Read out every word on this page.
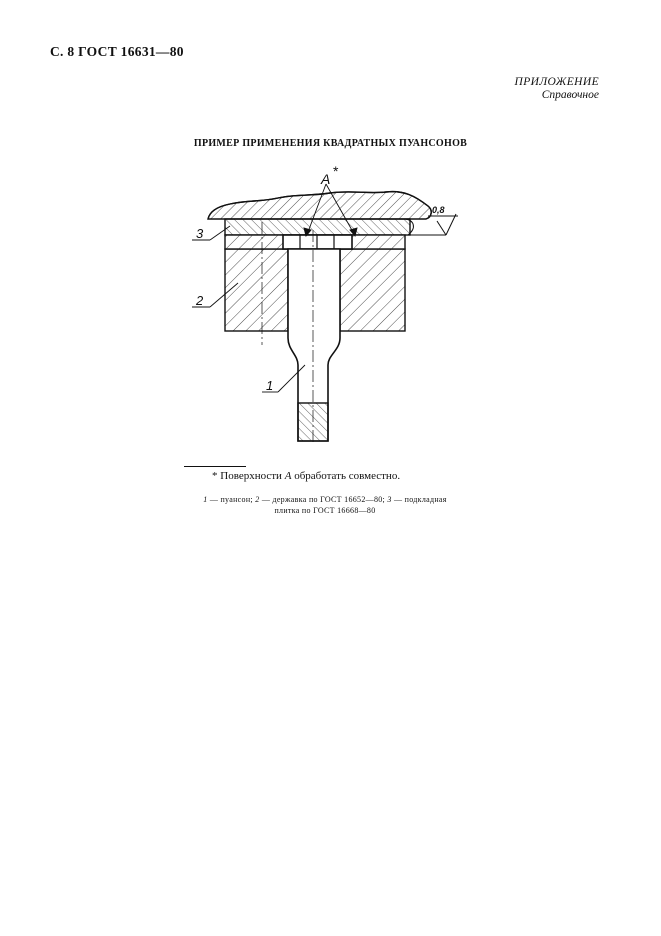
С. 8 ГОСТ 16631—80
ПРИЛОЖЕНИЕ
Справочное
ПРИМЕР ПРИМЕНЕНИЯ КВАДРАТНЫХ ПУАНСОНОВ
A *
0,8
3
2
1
* Поверхности A обработать совместно.
1 — пуансон; 2 — державка по ГОСТ 16652—80; 3 — подкладная
плитка по ГОСТ 16668—80
